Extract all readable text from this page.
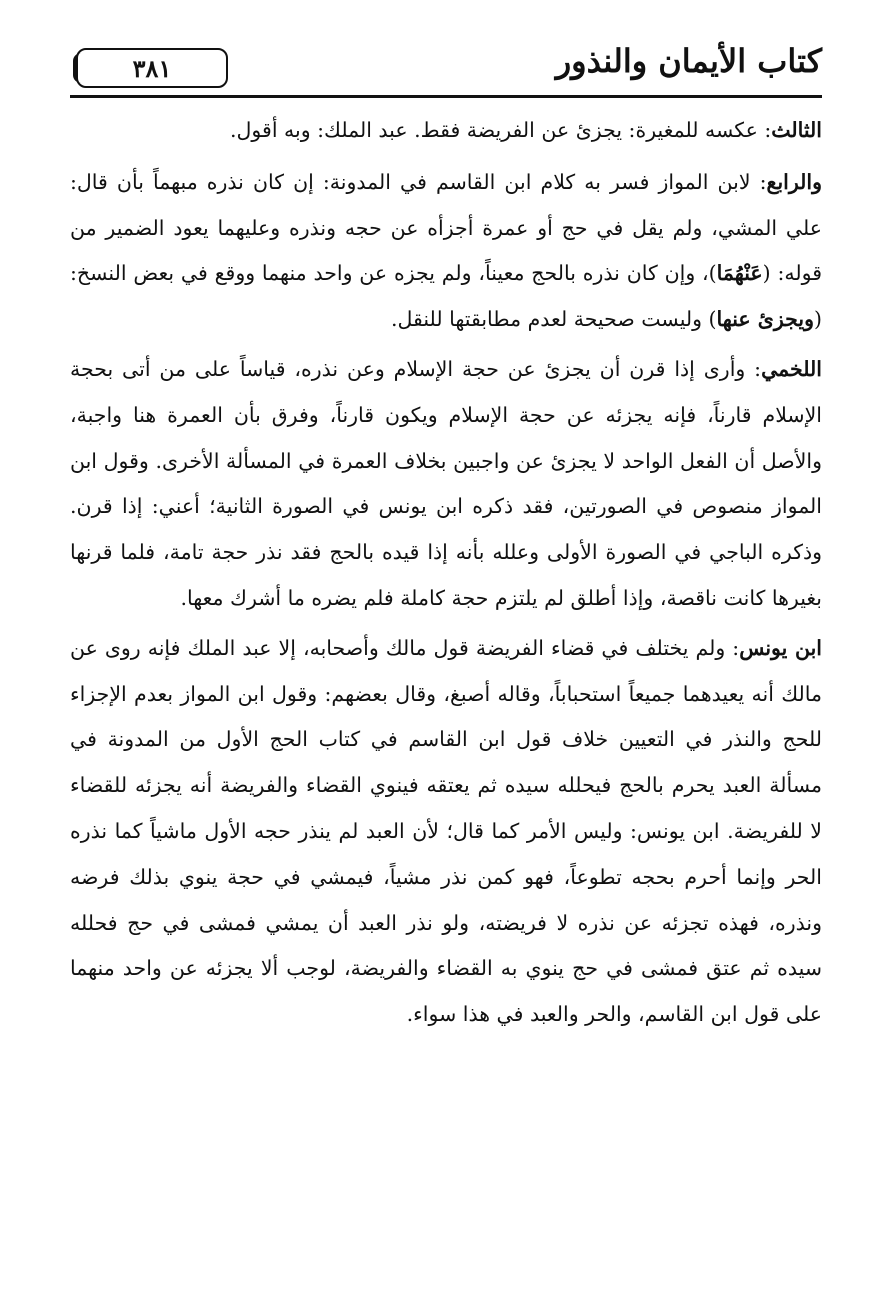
٣٨١	كتاب الأيمان والنذور

الثالث: عكسه للمغيرة: يجزئ عن الفريضة فقط. عبد الملك: وبه أقول.

والرابع: لابن المواز فسر به كلام ابن القاسم في المدونة: إن كان نذره مبهماً بأن قال: علي المشي، ولم يقل في حج أو عمرة أجزأه عن حجه ونذره وعليهما يعود الضمير من قوله: (عَنْهُمَا)، وإن كان نذره بالحج معيناً، ولم يجزه عن واحد منهما ووقع في بعض النسخ: (ويجزئ عنها) وليست صحيحة لعدم مطابقتها للنقل.

اللخمي: وأرى إذا قرن أن يجزئ عن حجة الإسلام وعن نذره، قياساً على من أتى بحجة الإسلام قارناً، فإنه يجزئه عن حجة الإسلام ويكون قارناً، وفرق بأن العمرة هنا واجبة، والأصل أن الفعل الواحد لا يجزئ عن واجبين بخلاف العمرة في المسألة الأخرى. وقول ابن المواز منصوص في الصورتين، فقد ذكره ابن يونس في الصورة الثانية؛ أعني: إذا قرن. وذكره الباجي في الصورة الأولى وعلله بأنه إذا قيده بالحج فقد نذر حجة تامة، فلما قرنها بغيرها كانت ناقصة، وإذا أطلق لم يلتزم حجة كاملة فلم يضره ما أشرك معها.

ابن يونس: ولم يختلف في قضاء الفريضة قول مالك وأصحابه، إلا عبد الملك فإنه روى عن مالك أنه يعيدهما جميعاً استحباباً، وقاله أصبغ، وقال بعضهم: وقول ابن المواز بعدم الإجزاء للحج والنذر في التعيين خلاف قول ابن القاسم في كتاب الحج الأول من المدونة في مسألة العبد يحرم بالحج فيحلله سيده ثم يعتقه فينوي القضاء والفريضة أنه يجزئه للقضاء لا للفريضة. ابن يونس: وليس الأمر كما قال؛ لأن العبد لم ينذر حجه الأول ماشياً كما نذره الحر وإنما أحرم بحجه تطوعاً، فهو كمن نذر مشياً، فيمشي في حجة ينوي بذلك فرضه ونذره، فهذه تجزئه عن نذره لا فريضته، ولو نذر العبد أن يمشي فمشى في حج فحلله سيده ثم عتق فمشى في حج ينوي به القضاء والفريضة، لوجب ألا يجزئه عن واحد منهما على قول ابن القاسم، والحر والعبد في هذا سواء.
